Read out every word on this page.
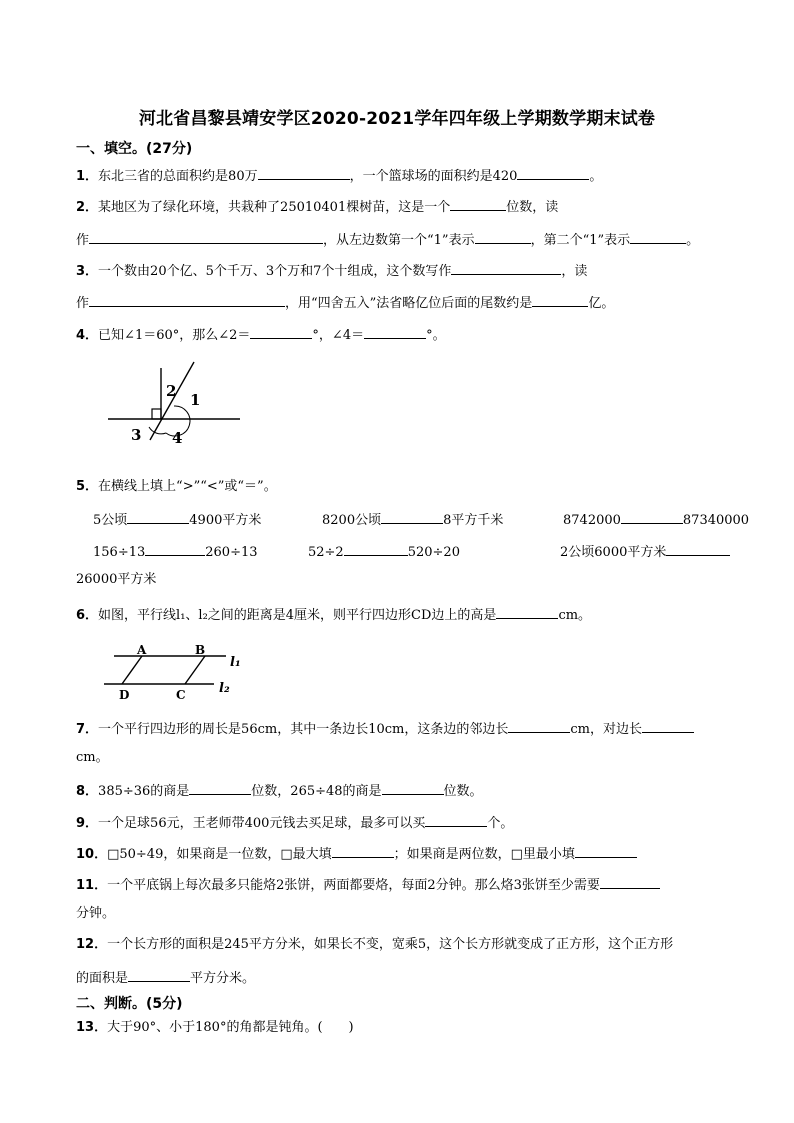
河北省昌黎县靖安学区2020-2021学年四年级上学期数学期末试卷
一、填空。(27分)
1．东北三省的总面积约是80万	，一个篮球场的面积约是420	。
2．某地区为了绿化环境，共栽种了25010401棵树苗，这是一个	位数，读
作	，从左边数第一个“1”表示	，第二个“1”表示	。
3．一个数由20个亿、5个千万、3个万和7个十组成，这个数写作	，读
作	，用“四舍五入”法省略亿位后面的尾数约是	亿。
4．已知∠1＝60°，那么∠2＝	°，∠4＝	°。
2 1
3 4
5．在横线上填上“>”“<”或“＝”。
5公顷	4900平方米	8200公顷	8平方千米	8742000	87340000
156÷13	260÷13	52÷2	520÷20	2公顷6000平方米
26000平方米
6．如图，平行线l₁、l₂之间的距离是4厘米，则平行四边形CD边上的高是	cm。
A	B
D	C
l₁
l₂
7．一个平行四边形的周长是56cm，其中一条边长10cm，这条边的邻边长	cm，对边长
cm。
8．385÷36的商是	位数，265÷48的商是	位数。
9．一个足球56元，王老师带400元钱去买足球，最多可以买	个。
10．□50÷49，如果商是一位数，□最大填	；如果商是两位数，□里最小填
11．一个平底锅上每次最多只能烙2张饼，两面都要烙，每面2分钟。那么烙3张饼至少需要
分钟。
12．一个长方形的面积是245平方分米，如果长不变，宽乘5，这个长方形就变成了正方形，这个正方形
的面积是	平方分米。
二、判断。(5分)
13．大于90°、小于180°的角都是钝角。(　　)
